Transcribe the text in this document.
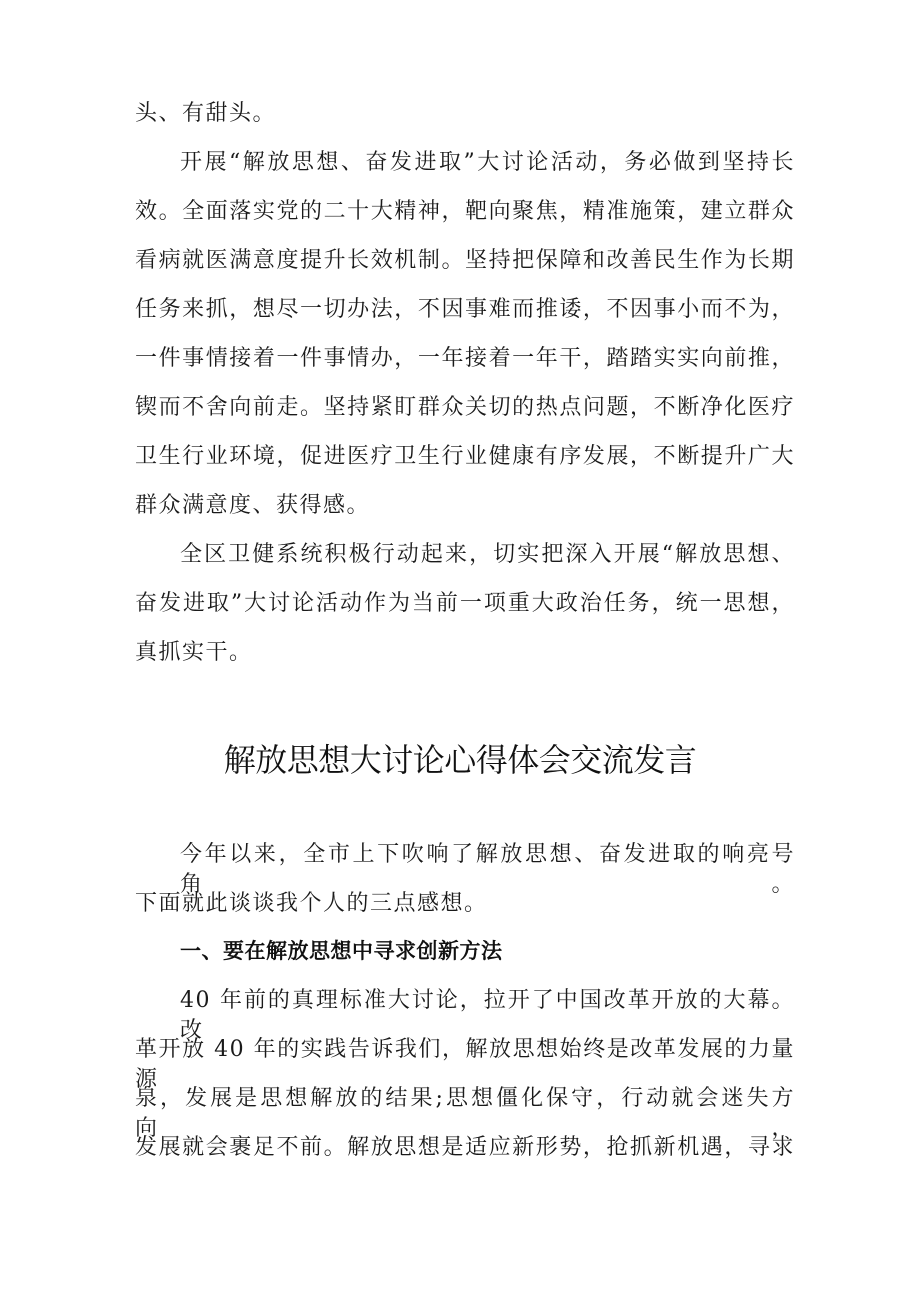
头、有甜头。
开展“解放思想、奋发进取”大讨论活动，务必做到坚持长
效。全面落实党的二十大精神，靶向聚焦，精准施策，建立群众
看病就医满意度提升长效机制。坚持把保障和改善民生作为长期
任务来抓，想尽一切办法，不因事难而推诿，不因事小而不为，
一件事情接着一件事情办，一年接着一年干，踏踏实实向前推，
锲而不舍向前走。坚持紧盯群众关切的热点问题，不断净化医疗
卫生行业环境，促进医疗卫生行业健康有序发展，不断提升广大
群众满意度、获得感。
全区卫健系统积极行动起来，切实把深入开展“解放思想、
奋发进取”大讨论活动作为当前一项重大政治任务，统一思想，
真抓实干。
解放思想大讨论心得体会交流发言
今年以来，全市上下吹响了解放思想、奋发进取的响亮号角。
下面就此谈谈我个人的三点感想。
一、要在解放思想中寻求创新方法
40 年前的真理标准大讨论，拉开了中国改革开放的大幕。改
革开放 40 年的实践告诉我们，解放思想始终是改革发展的力量源
泉，发展是思想解放的结果;思想僵化保守，行动就会迷失方向，
发展就会裹足不前。解放思想是适应新形势，抢抓新机遇，寻求
